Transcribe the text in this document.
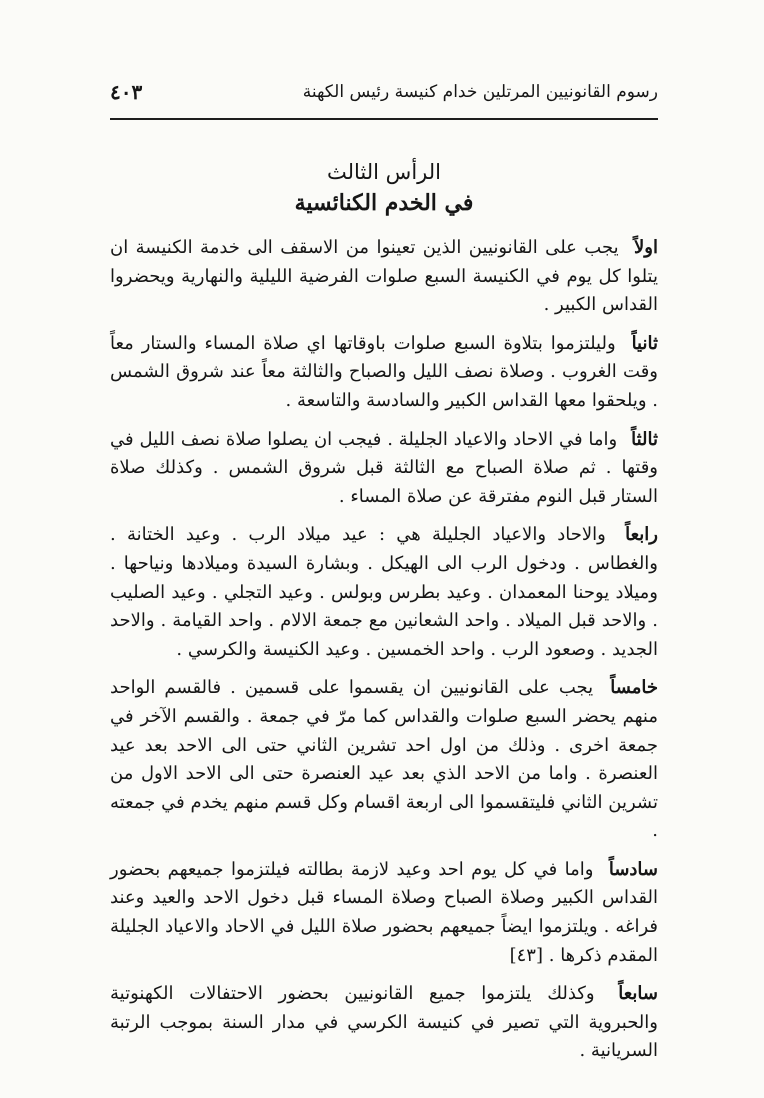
رسوم القانونيين المرتلين خدام كنيسة رئيس الكهنة
٤٠٣
الرأس الثالث
في الخدم الكنائسية

اولاً يجب على القانونيين الذين تعينوا من الاسقف الى خدمة الكنيسة ان يتلوا كل يوم في الكنيسة السبع صلوات الفرضية الليلية والنهارية ويحضروا القداس الكبير .

ثانياً وليلتزموا بتلاوة السبع صلوات باوقاتها اي صلاة المساء والستار معاً وقت الغروب . وصلاة نصف الليل والصباح والثالثة معاً عند شروق الشمس . ويلحقوا معها القداس الكبير والسادسة والتاسعة .

ثالثاً واما في الاحاد والاعياد الجليلة . فيجب ان يصلوا صلاة نصف الليل في وقتها . ثم صلاة الصباح مع الثالثة قبل شروق الشمس . وكذلك صلاة الستار قبل النوم مفترقة عن صلاة المساء .

رابعاً والاحاد والاعياد الجليلة هي : عيد ميلاد الرب . وعيد الختانة . والغطاس . ودخول الرب الى الهيكل . وبشارة السيدة وميلادها ونياحها . وميلاد يوحنا المعمدان . وعيد بطرس وبولس . وعيد التجلي . وعيد الصليب . والاحد قبل الميلاد . واحد الشعانين مع جمعة الالام . واحد القيامة . والاحد الجديد . وصعود الرب . واحد الخمسين . وعيد الكنيسة والكرسي .

خامساً يجب على القانونيين ان يقسموا على قسمين . فالقسم الواحد منهم يحضر السبع صلوات والقداس كما مرّ في جمعة . والقسم الآخر في جمعة اخرى . وذلك من اول احد تشرين الثاني حتى الى الاحد بعد عيد العنصرة . واما من الاحد الذي بعد عيد العنصرة حتى الى الاحد الاول من تشرين الثاني فليتقسموا الى اربعة اقسام وكل قسم منهم يخدم في جمعته .

سادساً واما في كل يوم احد وعيد لازمة بطالته فيلتزموا جميعهم بحضور القداس الكبير وصلاة الصباح وصلاة المساء قبل دخول الاحد والعيد وعند فراغه . ويلتزموا ايضاً جميعهم بحضور صلاة الليل في الاحاد والاعياد الجليلة المقدم ذكرها . [٤٣]

سابعاً وكذلك يلتزموا جميع القانونيين بحضور الاحتفالات الكهنوتية والحبروية التي تصير في كنيسة الكرسي في مدار السنة بموجب الرتبة السريانية .
